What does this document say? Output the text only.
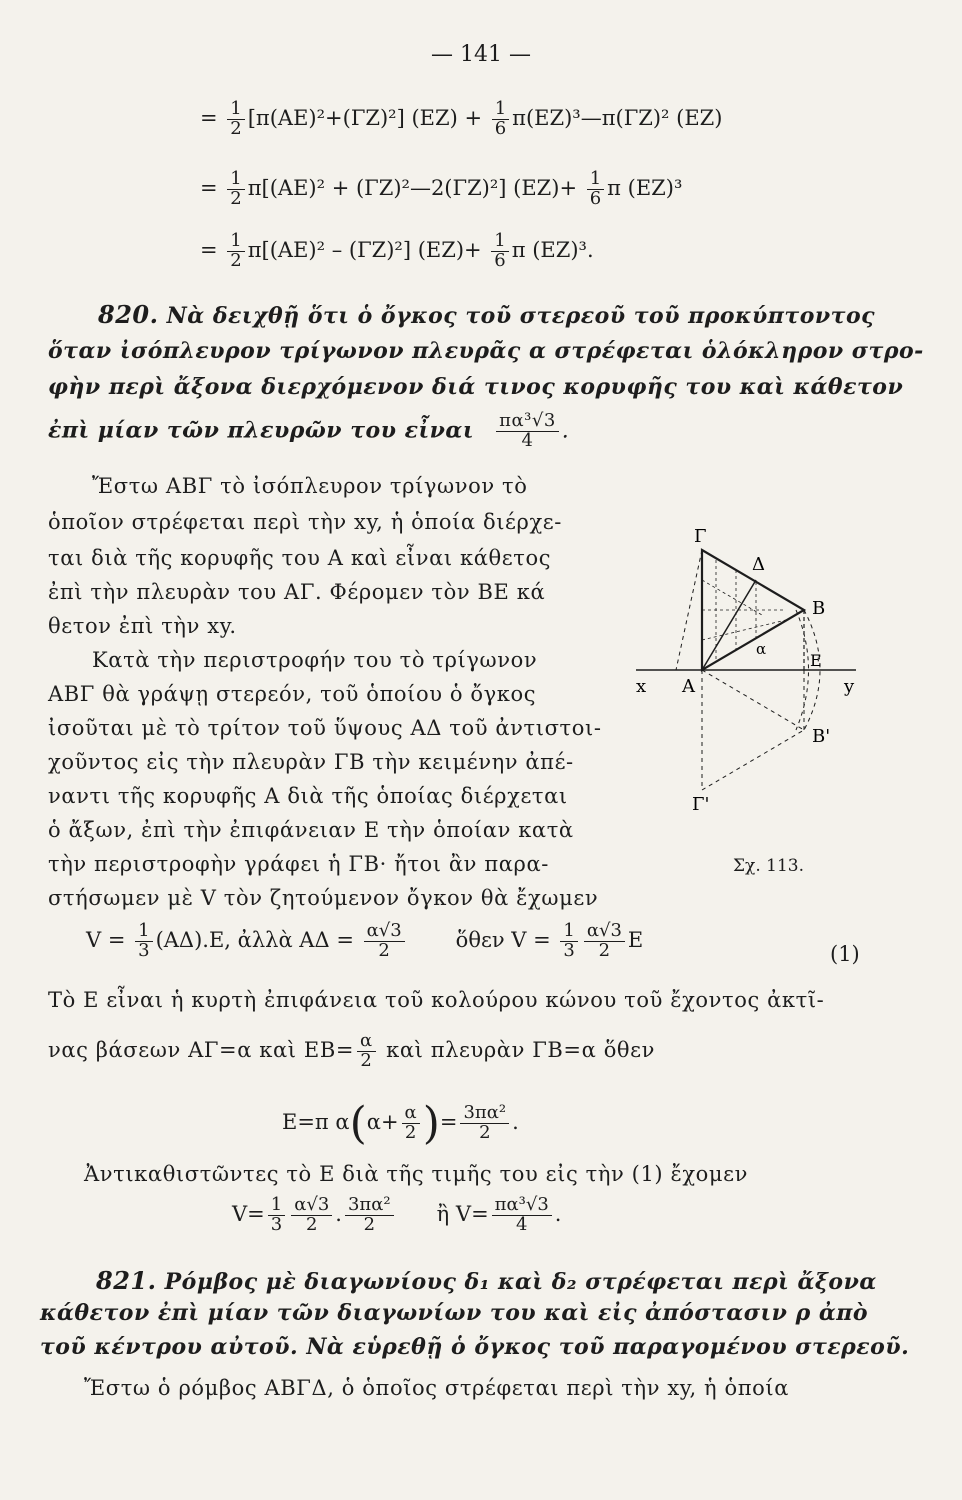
— 141 —
= $\frac{1}{2} [\pi(AE)^2+(\Gamma Z)^2] (EZ) + \frac{1}{6}$ π(ΕΖ)³—π(ΓΖ)² (ΕΖ)
= $\frac{1}{2} \pi[(AE)^2$ + (ΓΖ)²—2(ΓΖ)²] $(EZ)+ \frac{1}{6}$ π (ΕΖ)³
= $\frac{1}{2} \pi[(AE)^2 - (\Gamma Z)^2]$ $(EZ)+ \frac{1}{6}$ π (ΕΖ)³.
820. Νὰ δειχθῇ ὅτι ὁ ὄγκος τοῦ στερεοῦ τοῦ προκύπτοντος
ὅταν ἰσόπλευρον τρίγωνον πλευρᾶς α στρέφεται ὁλόκληρον στρο-
φὴν περὶ ἄξονα διερχόμενον διά τινος κορυφῆς του καὶ κάθετον
ἐπὶ μίαν τῶν πλευρῶν του εἶναι $\frac{\text{πα³√3}}{4}$ .
Ἔστω ΑΒΓ τὸ ἰσόπλευρον τρίγωνον τὸ
ὁποῖον στρέφεται περὶ τὴν xy, ἡ ὁποία διέρχε-
ται διὰ τῆς κορυφῆς του Α καὶ εἶναι κάθετος
ἐπὶ τὴν πλευρὰν του ΑΓ. Φέρομεν τὸν ΒΕ κά
θετον ἐπὶ τὴν xy.
Κατὰ τὴν περιστροφήν του τὸ τρίγωνον
ΑΒΓ θὰ γράψῃ στερεόν, τοῦ ὁποίου ὁ ὄγκος
ἰσοῦται μὲ τὸ τρίτον τοῦ ὕψους ΑΔ τοῦ ἀντιστοι-
χοῦντος εἰς τὴν πλευρὰν ΓΒ τὴν κειμένην ἀπέ-
ναντι τῆς κορυφῆς Α διὰ τῆς ὁποίας διέρχεται
ὁ ἄξων, ἐπὶ τὴν ἐπιφάνειαν Ε τὴν ὁποίαν κατὰ
τὴν περιστροφὴν γράφει ἡ ΓΒ· ἤτοι ἂν παρα-
στήσωμεν μὲ V τὸν ζητούμενον ὄγκον θὰ ἔχωμεν
Γ
Δ
Β
α
Ε
x Α	y
Β'
Γ'
Σχ. 113.
$V = \frac{1}{3} (A\Delta).E$, ἀλλὰ $A\Delta = \frac{\alpha√3}{2}$ ὅθεν $V = \frac{1}{3} \frac{\alpha√3}{2}$ Ε
(1)
Τὸ Ε εἶναι ἡ κυρτὴ ἐπιφάνεια τοῦ κολούρου κώνου τοῦ ἔχοντος ἀκτῖ-
νας βάσεων ΑΓ=α καὶ $EB= \frac{\alpha}{2}$ καὶ πλευρὰν ΓΒ=α ὅθεν
Ε=π $\alpha(\alpha+ \frac{\alpha}{2}$ )= $\frac{\text{3πα²}}{2}$ .
Ἀντικαθιστῶντες τὸ Ε διὰ τῆς τιμῆς του εἰς τὴν (1) ἔχομεν
$V= \frac{1}{3} \frac{\alpha√3}{2}$ . $\frac{\text{3πα²}}{2}$ ἢ $V= \frac{\text{πα³√3}}{4}$ .
821. Ρόμβος μὲ διαγωνίους δ₁ καὶ δ₂ στρέφεται περὶ ἄξονα
κάθετον ἐπὶ μίαν τῶν διαγωνίων του καὶ εἰς ἀπόστασιν ρ ἀπὸ
τοῦ κέντρου αὐτοῦ. Νὰ εὑρεθῇ ὁ ὄγκος τοῦ παραγομένου στερεοῦ.
Ἔστω ὁ ρόμβος ΑΒΓΔ, ὁ ὁποῖος στρέφεται περὶ τὴν xy, ἡ ὁποία
